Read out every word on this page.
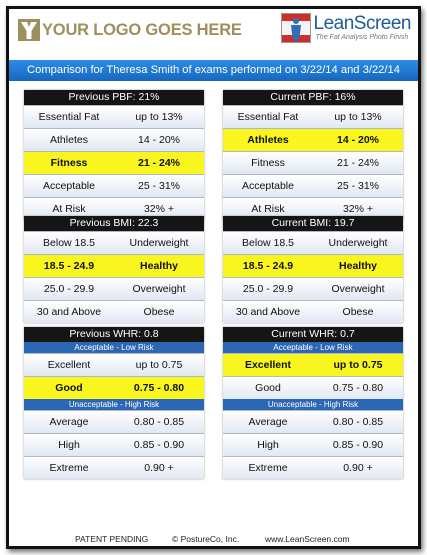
YOUR LOGO GOES HERE	LeanScreen
The Fat Analysis Photo Finish
Comparison for Theresa Smith of exams performed on 3/22/14 and 3/22/14
Previous PBF: 21%
Essential Fat	up to 13%
Athletes	14 - 20%
Fitness	21 - 24%
Acceptable	25 - 31%
At Risk	32% +
Current PBF: 16%
Essential Fat	up to 13%
Athletes	14 - 20%
Fitness	21 - 24%
Acceptable	25 - 31%
At Risk	32% +
Previous BMI: 22.3
Below 18.5	Underweight
18.5 - 24.9	Healthy
25.0 - 29.9	Overweight
30 and Above	Obese
Current BMI: 19.7
Below 18.5	Underweight
18.5 - 24.9	Healthy
25.0 - 29.9	Overweight
30 and Above	Obese
Previous WHR: 0.8
Acceptable - Low Risk
Excellent	up to 0.75
Good	0.75 - 0.80
Unacceptable - High Risk
Average	0.80 - 0.85
High	0.85 - 0.90
Extreme	0.90 +
Current WHR: 0.7
Acceptable - Low Risk
Excellent	up to 0.75
Good	0.75 - 0.80
Unacceptable - High Risk
Average	0.80 - 0.85
High	0.85 - 0.90
Extreme	0.90 +
PATENT PENDING	© PostureCo, Inc.	www.LeanScreen.com
